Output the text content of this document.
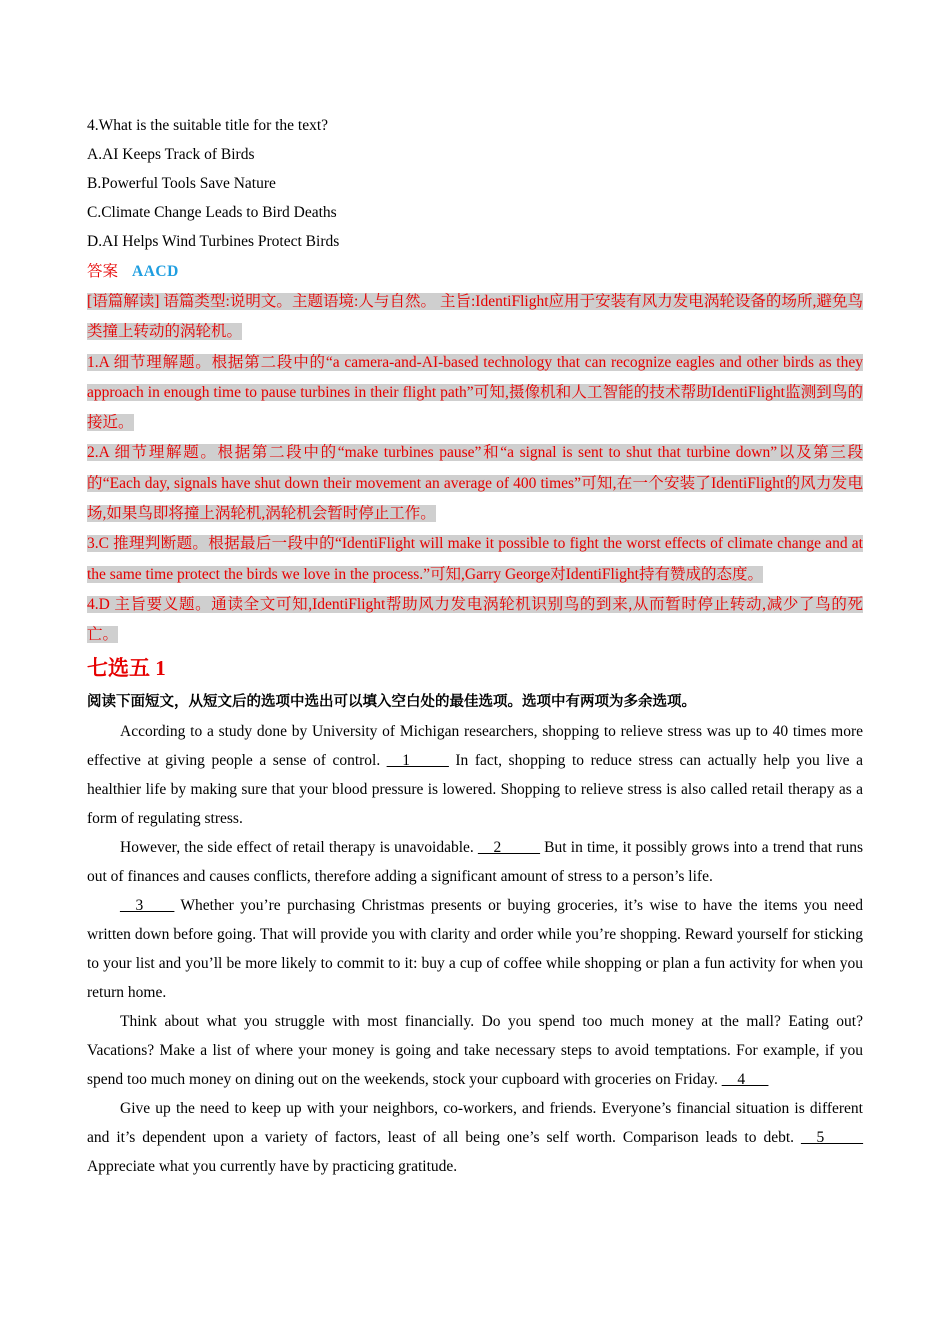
4.What is the suitable title for the text?
A.AI Keeps Track of Birds
B.Powerful Tools Save Nature
C.Climate Change Leads to Bird Deaths
D.AI Helps Wind Turbines Protect Birds
答案 AACD
[语篇解读] 语篇类型:说明文。主题语境:人与自然。 主旨:IdentiFlight应用于安装有风力发电涡轮设备的场所,避免鸟类撞上转动的涡轮机。
1.A 细节理解题。根据第二段中的“a camera-and-AI-based technology that can recognize eagles and other birds as they approach in enough time to pause turbines in their flight path”可知,摄像机和人工智能的技术帮助IdentiFlight监测到鸟的接近。
2.A 细节理解题。根据第二段中的“make turbines pause”和“a signal is sent to shut that turbine down”以及第三段的“Each day, signals have shut down their movement an average of 400 times”可知,在一个安装了IdentiFlight的风力发电场,如果鸟即将撞上涡轮机,涡轮机会暂时停止工作。
3.C 推理判断题。根据最后一段中的“IdentiFlight will make it possible to fight the worst effects of climate change and at the same time protect the birds we love in the process.”可知,Garry George对IdentiFlight持有赞成的态度。
4.D 主旨要义题。通读全文可知,IdentiFlight帮助风力发电涡轮机识别鸟的到来,从而暂时停止转动,减少了鸟的死亡。
七选五 1
阅读下面短文，从短文后的选项中选出可以填入空白处的最佳选项。选项中有两项为多余选项。
According to a study done by University of Michigan researchers, shopping to relieve stress was up to 40 times more effective at giving people a sense of control. __1_____ In fact, shopping to reduce stress can actually help you live a healthier life by making sure that your blood pressure is lowered. Shopping to relieve stress is also called retail therapy as a form of regulating stress.
However, the side effect of retail therapy is unavoidable. __2_____ But in time, it possibly grows into a trend that runs out of finances and causes conflicts, therefore adding a significant amount of stress to a person’s life.
__3____ Whether you’re purchasing Christmas presents or buying groceries, it’s wise to have the items you need written down before going. That will provide you with clarity and order while you’re shopping. Reward yourself for sticking to your list and you’ll be more likely to commit to it: buy a cup of coffee while shopping or plan a fun activity for when you return home.
Think about what you struggle with most financially. Do you spend too much money at the mall? Eating out? Vacations? Make a list of where your money is going and take necessary steps to avoid temptations. For example, if you spend too much money on dining out on the weekends, stock your cupboard with groceries on Friday. __4___
Give up the need to keep up with your neighbors, co-workers, and friends. Everyone’s financial situation is different and it’s dependent upon a variety of factors, least of all being one’s self worth. Comparison leads to debt. __5_____ Appreciate what you currently have by practicing gratitude.
